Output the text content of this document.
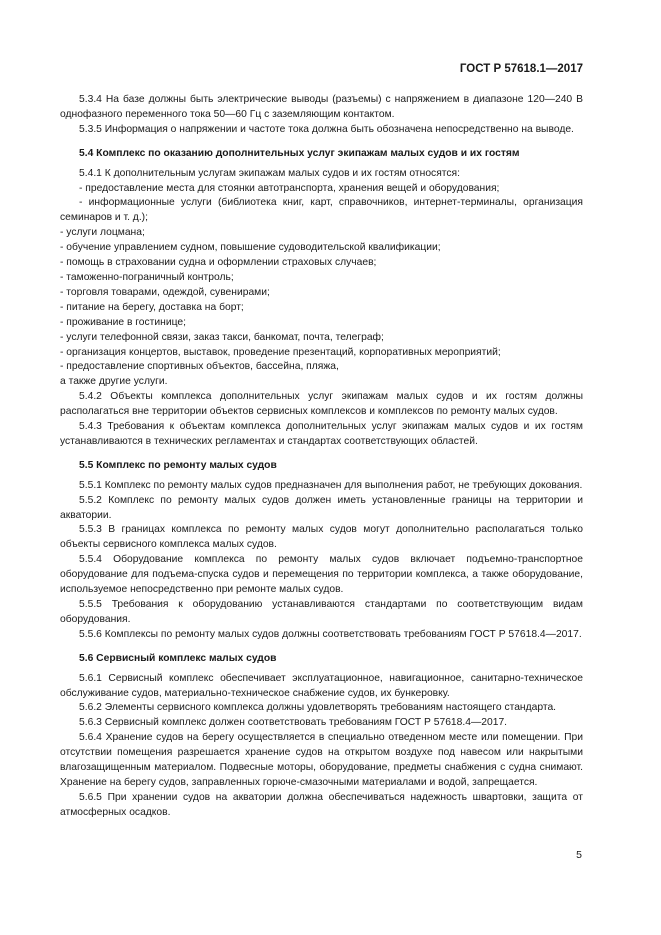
ГОСТ Р 57618.1—2017

5.3.4 На базе должны быть электрические выводы (разъемы) с напряжением в диапазоне 120—240 В однофазного переменного тока 50—60 Гц с заземляющим контактом.

5.3.5 Информация о напряжении и частоте тока должна быть обозначена непосредственно на выводе.

5.4 Комплекс по оказанию дополнительных услуг экипажам малых судов и их гостям

5.4.1 К дополнительным услугам экипажам малых судов и их гостям относятся:

- предоставление места для стоянки автотранспорта, хранения вещей и оборудования;

- информационные услуги (библиотека книг, карт, справочников, интернет-терминалы, организация семинаров и т. д.);

- услуги лоцмана;

- обучение управлением судном, повышение судоводительской квалификации;

- помощь в страховании судна и оформлении страховых случаев;

- таможенно-пограничный контроль;

- торговля товарами, одеждой, сувенирами;

- питание на берегу, доставка на борт;

- проживание в гостинице;

- услуги телефонной связи, заказ такси, банкомат, почта, телеграф;

- организация концертов, выставок, проведение презентаций, корпоративных мероприятий;

- предоставление спортивных объектов, бассейна, пляжа,

а также другие услуги.

5.4.2 Объекты комплекса дополнительных услуг экипажам малых судов и их гостям должны располагаться вне территории объектов сервисных комплексов и комплексов по ремонту малых судов.

5.4.3 Требования к объектам комплекса дополнительных услуг экипажам малых судов и их гостям устанавливаются в технических регламентах и стандартах соответствующих областей.

5.5 Комплекс по ремонту малых судов

5.5.1 Комплекс по ремонту малых судов предназначен для выполнения работ, не требующих докования.

5.5.2 Комплекс по ремонту малых судов должен иметь установленные границы на территории и акватории.

5.5.3 В границах комплекса по ремонту малых судов могут дополнительно располагаться только объекты сервисного комплекса малых судов.

5.5.4 Оборудование комплекса по ремонту малых судов включает подъемно-транспортное оборудование для подъема-спуска судов и перемещения по территории комплекса, а также оборудование, используемое непосредственно при ремонте малых судов.

5.5.5 Требования к оборудованию устанавливаются стандартами по соответствующим видам оборудования.

5.5.6 Комплексы по ремонту малых судов должны соответствовать требованиям ГОСТ Р 57618.4—2017.

5.6 Сервисный комплекс малых судов

5.6.1 Сервисный комплекс обеспечивает эксплуатационное, навигационное, санитарно-техническое обслуживание судов, материально-техническое снабжение судов, их бункеровку.

5.6.2 Элементы сервисного комплекса должны удовлетворять требованиям настоящего стандарта.

5.6.3 Сервисный комплекс должен соответствовать требованиям ГОСТ Р 57618.4—2017.

5.6.4 Хранение судов на берегу осуществляется в специально отведенном месте или помещении. При отсутствии помещения разрешается хранение судов на открытом воздухе под навесом или накрытыми влагозащищенным материалом. Подвесные моторы, оборудование, предметы снабжения с судна снимают. Хранение на берегу судов, заправленных горюче-смазочными материалами и водой, запрещается.

5.6.5 При хранении судов на акватории должна обеспечиваться надежность швартовки, защита от атмосферных осадков.

5
